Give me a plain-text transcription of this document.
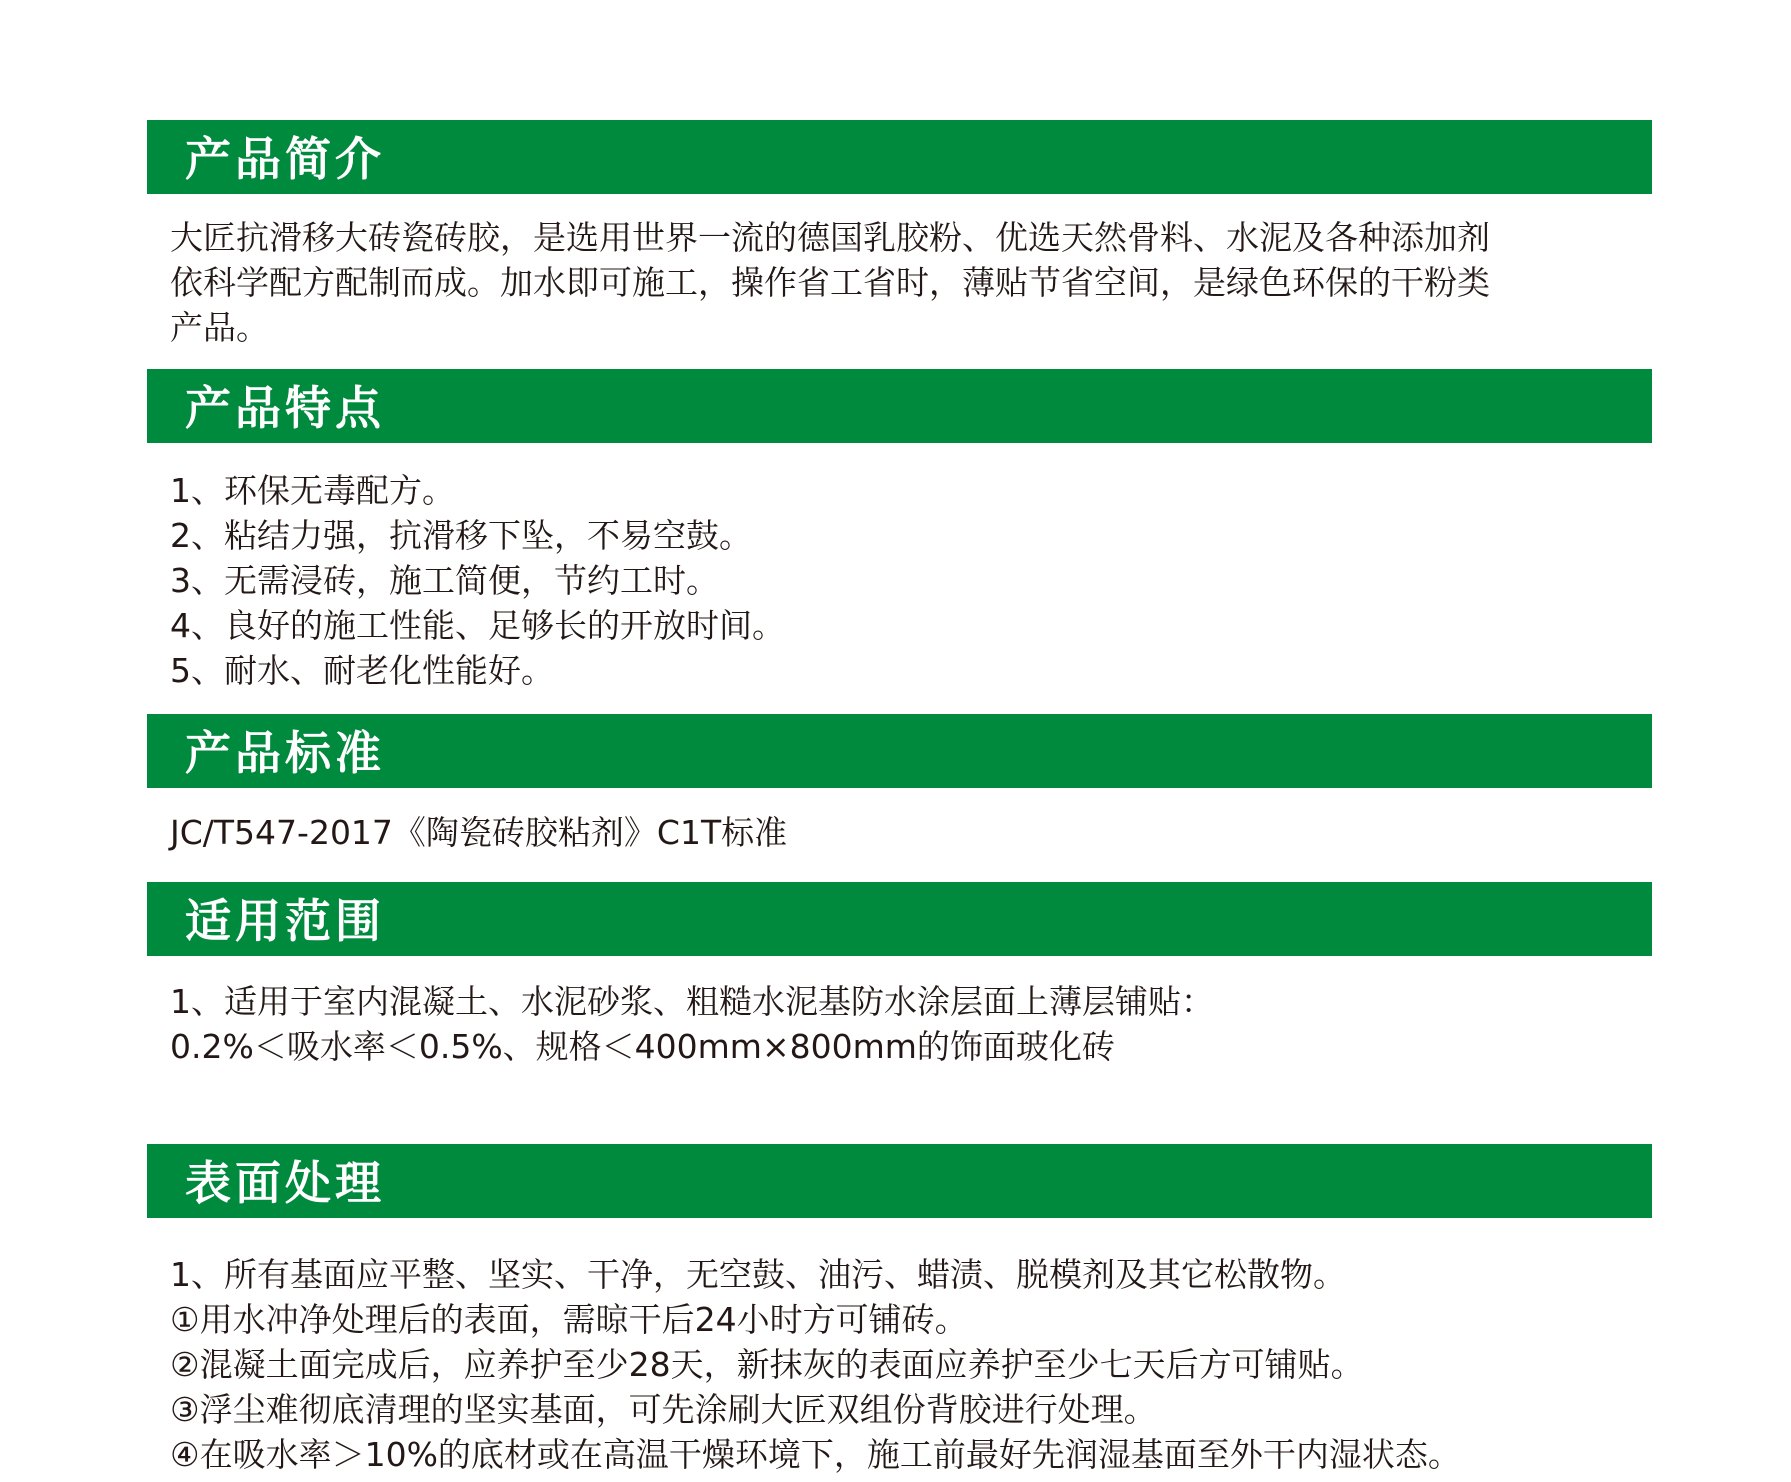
产品简介

大匠抗滑移大砖瓷砖胶，是选用世界一流的德国乳胶粉、优选天然骨料、水泥及各种添加剂

依科学配方配制而成。加水即可施工，操作省工省时，薄贴节省空间，是绿色环保的干粉类

产品。

产品特点

1、环保无毒配方。

2、粘结力强，抗滑移下坠，不易空鼓。

3、无需浸砖，施工简便，节约工时。

4、良好的施工性能、足够长的开放时间。

5、耐水、耐老化性能好。

产品标准

JC/T547-2017《陶瓷砖胶粘剂》C1T标准

适用范围

1、适用于室内混凝土、水泥砂浆、粗糙水泥基防水涂层面上薄层铺贴：

0.2%＜吸水率＜0.5%、规格＜400mm×800mm的饰面玻化砖

表面处理

1、所有基面应平整、坚实、干净，无空鼓、油污、蜡渍、脱模剂及其它松散物。

①用水冲净处理后的表面，需晾干后24小时方可铺砖。

②混凝土面完成后，应养护至少28天，新抹灰的表面应养护至少七天后方可铺贴。

③浮尘难彻底清理的坚实基面，可先涂刷大匠双组份背胶进行处理。

④在吸水率＞10%的底材或在高温干燥环境下，施工前最好先润湿基面至外干内湿状态。
